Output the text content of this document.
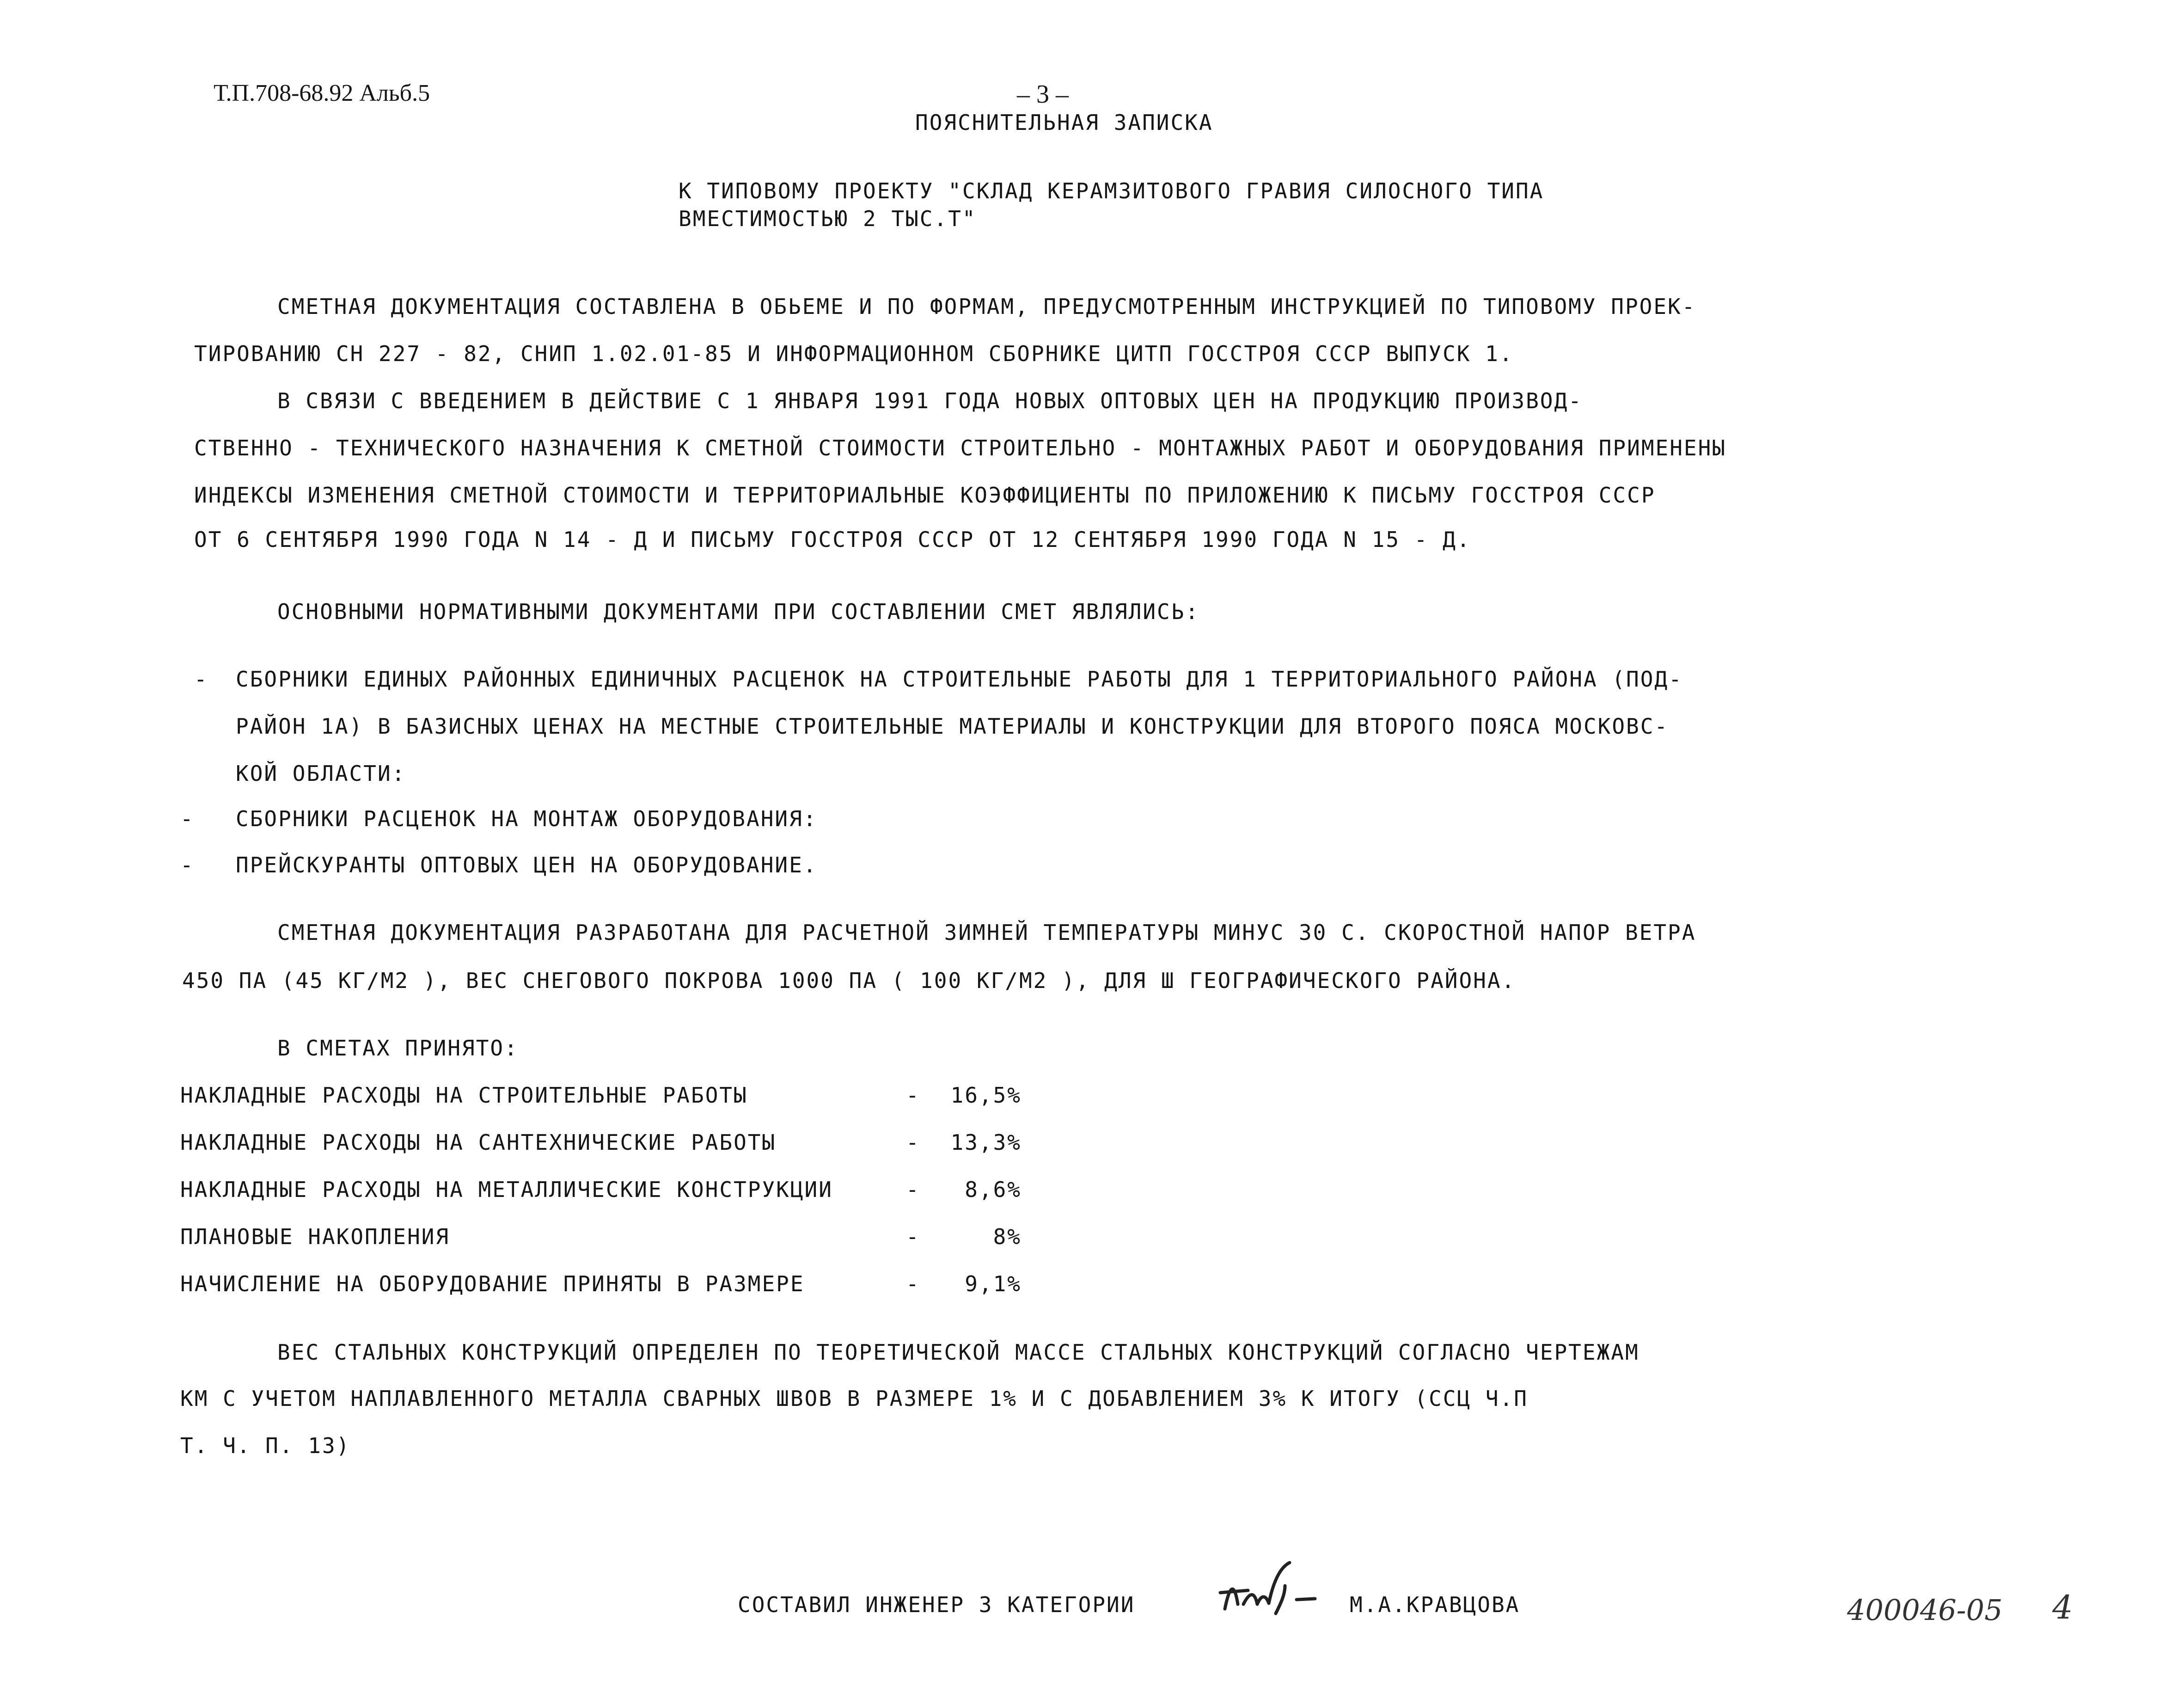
Т.П.708-68.92 Альб.5	– 3 –
ПОЯСНИТЕЛЬНАЯ ЗАПИСКА
К ТИПОВОМУ ПРОЕКТУ "СКЛАД КЕРАМЗИТОВОГО ГРАВИЯ СИЛОСНОГО ТИПА
ВМЕСТИМОСТЬЮ 2 ТЫС.Т"
СМЕТНАЯ ДОКУМЕНТАЦИЯ СОСТАВЛЕНА В ОБЬЕМЕ И ПО ФОРМАМ, ПРЕДУСМОТРЕННЫМ ИНСТРУКЦИЕЙ ПО ТИПОВОМУ ПРОЕК-
ТИРОВАНИЮ СН 227 - 82, СНИП 1.02.01-85 И ИНФОРМАЦИОННОМ СБОРНИКЕ ЦИТП ГОССТРОЯ СССР ВЫПУСК 1.
В СВЯЗИ С ВВЕДЕНИЕМ В ДЕЙСТВИЕ С 1 ЯНВАРЯ 1991 ГОДА НОВЫХ ОПТОВЫХ ЦЕН НА ПРОДУКЦИЮ ПРОИЗВОД-
СТВЕННО - ТЕХНИЧЕСКОГО НАЗНАЧЕНИЯ К СМЕТНОЙ СТОИМОСТИ СТРОИТЕЛЬНО - МОНТАЖНЫХ РАБОТ И ОБОРУДОВАНИЯ ПРИМЕНЕНЫ
ИНДЕКСЫ ИЗМЕНЕНИЯ СМЕТНОЙ СТОИМОСТИ И ТЕРРИТОРИАЛЬНЫЕ КОЭФФИЦИЕНТЫ ПО ПРИЛОЖЕНИЮ К ПИСЬМУ ГОССТРОЯ СССР
ОТ 6 СЕНТЯБРЯ 1990 ГОДА N 14 - Д И ПИСЬМУ ГОССТРОЯ СССР ОТ 12 СЕНТЯБРЯ 1990 ГОДА N 15 - Д.
ОСНОВНЫМИ НОРМАТИВНЫМИ ДОКУМЕНТАМИ ПРИ СОСТАВЛЕНИИ СМЕТ ЯВЛЯЛИСЬ:
- СБОРНИКИ ЕДИНЫХ РАЙОННЫХ ЕДИНИЧНЫХ РАСЦЕНОК НА СТРОИТЕЛЬНЫЕ РАБОТЫ ДЛЯ 1 ТЕРРИТОРИАЛЬНОГО РАЙОНА (ПОД-
РАЙОН 1А) В БАЗИСНЫХ ЦЕНАХ НА МЕСТНЫЕ СТРОИТЕЛЬНЫЕ МАТЕРИАЛЫ И КОНСТРУКЦИИ ДЛЯ ВТОРОГО ПОЯСА МОСКОВС-
КОЙ ОБЛАСТИ:
- СБОРНИКИ РАСЦЕНОК НА МОНТАЖ ОБОРУДОВАНИЯ:
- ПРЕЙСКУРАНТЫ ОПТОВЫХ ЦЕН НА ОБОРУДОВАНИЕ.
СМЕТНАЯ ДОКУМЕНТАЦИЯ РАЗРАБОТАНА ДЛЯ РАСЧЕТНОЙ ЗИМНЕЙ ТЕМПЕРАТУРЫ МИНУС 30 С. СКОРОСТНОЙ НАПОР ВЕТРА
450 ПА (45 КГ/М2 ), ВЕС СНЕГОВОГО ПОКРОВА 1000 ПА ( 100 КГ/М2 ), ДЛЯ Ш ГЕОГРАФИЧЕСКОГО РАЙОНА.
В СМЕТАХ ПРИНЯТО:
НАКЛАДНЫЕ РАСХОДЫ НА СТРОИТЕЛЬНЫЕ РАБОТЫ	- 16,5%
НАКЛАДНЫЕ РАСХОДЫ НА САНТЕХНИЧЕСКИЕ РАБОТЫ	- 13,3%
НАКЛАДНЫЕ РАСХОДЫ НА МЕТАЛЛИЧЕСКИЕ КОНСТРУКЦИИ	- 8,6%
ПЛАНОВЫЕ НАКОПЛЕНИЯ	-	8%
НАЧИСЛЕНИЕ НА ОБОРУДОВАНИЕ ПРИНЯТЫ В РАЗМЕРЕ	- 9,1%
ВЕС СТАЛЬНЫХ КОНСТРУКЦИЙ ОПРЕДЕЛЕН ПО ТЕОРЕТИЧЕСКОЙ МАССЕ СТАЛЬНЫХ КОНСТРУКЦИЙ СОГЛАСНО ЧЕРТЕЖАМ
КМ С УЧЕТОМ НАПЛАВЛЕННОГО МЕТАЛЛА СВАРНЫХ ШВОВ В РАЗМЕРЕ 1% И С ДОБАВЛЕНИЕМ 3% К ИТОГУ (ССЦ Ч.П
Т. Ч. П. 13)
СОСТАВИЛ ИНЖЕНЕР 3 КАТЕГОРИИ	М.А.КРАВЦОВА	400046-05 4
